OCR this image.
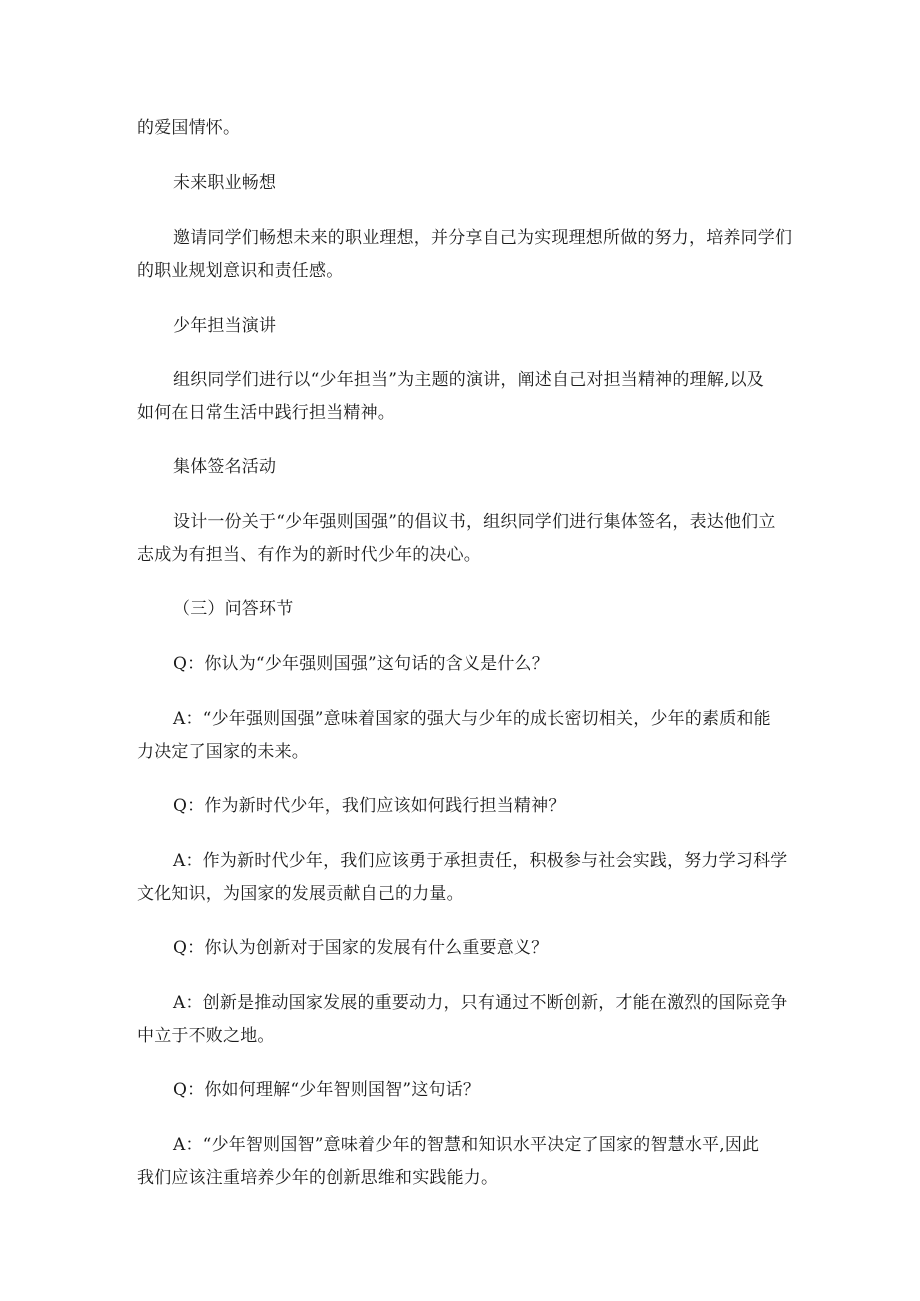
的爱国情怀。

未来职业畅想

邀请同学们畅想未来的职业理想，并分享自己为实现理想所做的努力，培养同学们

的职业规划意识和责任感。

少年担当演讲

组织同学们进行以“少年担当”为主题的演讲，阐述自己对担当精神的理解,以及

如何在日常生活中践行担当精神。

集体签名活动

设计一份关于“少年强则国强”的倡议书，组织同学们进行集体签名，表达他们立

志成为有担当、有作为的新时代少年的决心。

（三）问答环节

Q：你认为“少年强则国强”这句话的含义是什么？

A：“少年强则国强”意味着国家的强大与少年的成长密切相关，少年的素质和能

力决定了国家的未来。

Q：作为新时代少年，我们应该如何践行担当精神？

A：作为新时代少年，我们应该勇于承担责任，积极参与社会实践，努力学习科学

文化知识，为国家的发展贡献自己的力量。

Q：你认为创新对于国家的发展有什么重要意义？

A：创新是推动国家发展的重要动力，只有通过不断创新，才能在激烈的国际竞争

中立于不败之地。

Q：你如何理解“少年智则国智”这句话？

A：“少年智则国智”意味着少年的智慧和知识水平决定了国家的智慧水平,因此

我们应该注重培养少年的创新思维和实践能力。
